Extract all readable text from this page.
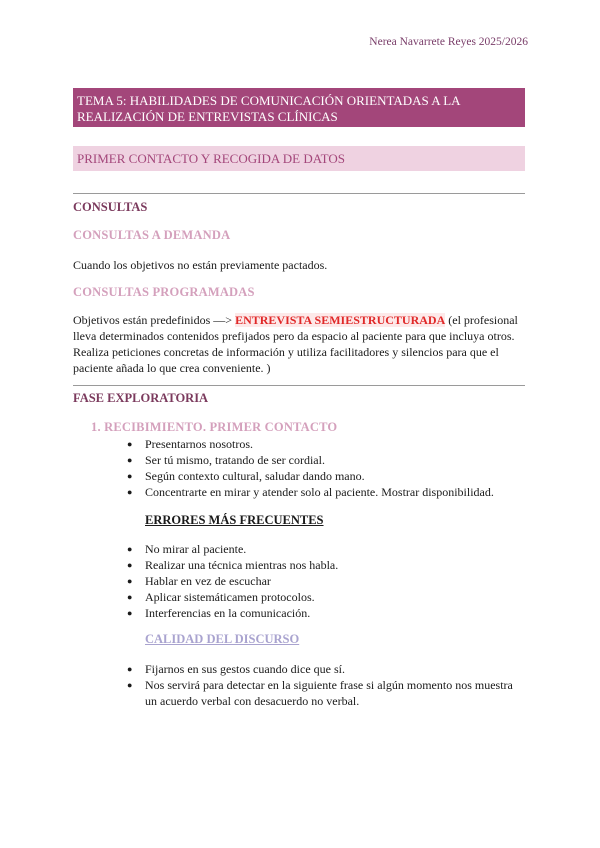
Nerea Navarrete Reyes 2025/2026
TEMA 5: HABILIDADES DE COMUNICACIÓN ORIENTADAS A LA REALIZACIÓN DE ENTREVISTAS CLÍNICAS
PRIMER CONTACTO Y RECOGIDA DE DATOS
CONSULTAS
CONSULTAS A DEMANDA
Cuando los objetivos no están previamente pactados.
CONSULTAS PROGRAMADAS
Objetivos están predefinidos —> ENTREVISTA SEMIESTRUCTURADA (el profesional lleva determinados contenidos prefijados pero da espacio al paciente para que incluya otros. Realiza peticiones concretas de información y utiliza facilitadores y silencios para que el paciente añada lo que crea conveniente. )
FASE EXPLORATORIA
1. RECIBIMIENTO. PRIMER CONTACTO
● Presentarnos nosotros.
● Ser tú mismo, tratando de ser cordial.
● Según contexto cultural, saludar dando mano.
● Concentrarte en mirar y atender solo al paciente. Mostrar disponibilidad.
ERRORES MÁS FRECUENTES
● No mirar al paciente.
● Realizar una técnica mientras nos habla.
● Hablar en vez de escuchar
● Aplicar sistemáticamen protocolos.
● Interferencias en la comunicación.
CALIDAD DEL DISCURSO
● Fijarnos en sus gestos cuando dice que sí.
● Nos servirá para detectar en la siguiente frase si algún momento nos muestra un acuerdo verbal con desacuerdo no verbal.
